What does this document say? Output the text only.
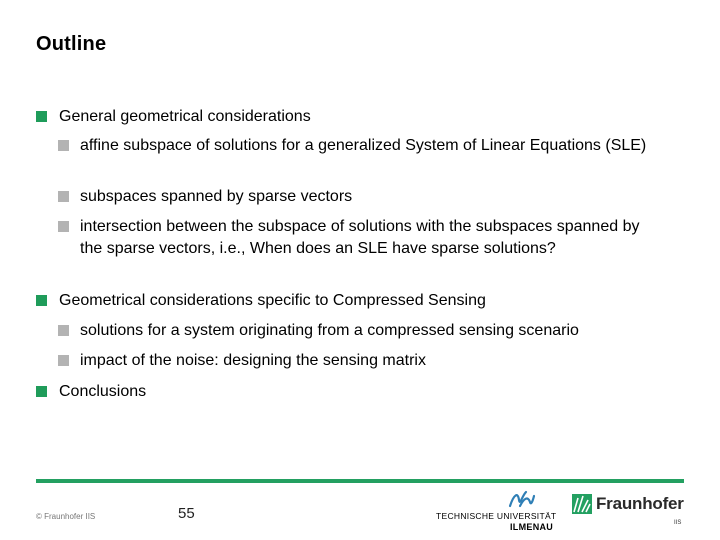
Outline
General geometrical considerations
affine subspace of solutions for a generalized System of Linear Equations (SLE)
subspaces spanned by sparse vectors
intersection between the subspace of solutions with the subspaces spanned by the sparse vectors, i.e., When does an SLE have sparse solutions?
Geometrical considerations specific to Compressed Sensing
solutions for a system originating from a compressed sensing scenario
impact of the noise: designing the sensing matrix
Conclusions
© Fraunhofer IIS	55	TECHNISCHE UNIVERSITÄT
ILMENAU
Fraunhofer
IIS
